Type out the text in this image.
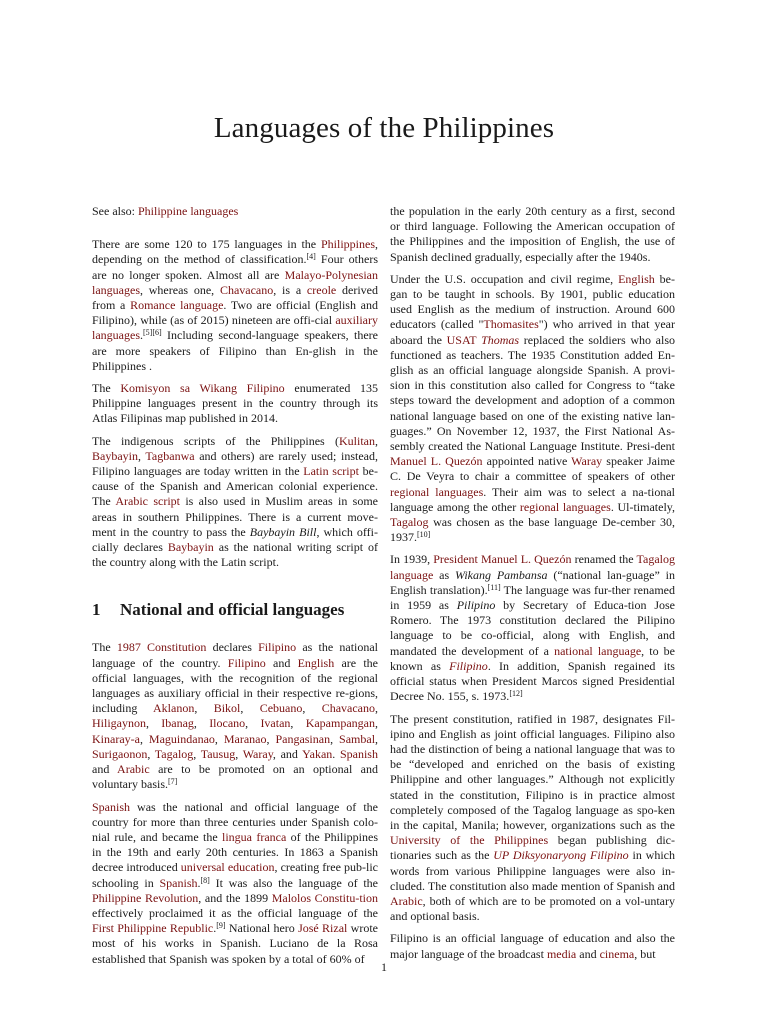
Languages of the Philippines

See also: Philippine languages

There are some 120 to 175 languages in the Philippines, depending on the method of classification.[4] Four others are no longer spoken. Almost all are Malayo-Polynesian languages, whereas one, Chavacano, is a creole derived from a Romance language. Two are official (English and Filipino), while (as of 2015) nineteen are offi-cial auxiliary languages.[5][6] Including second-language speakers, there are more speakers of Filipino than En-glish in the Philippines .

The Komisyon sa Wikang Filipino enumerated 135 Philippine languages present in the country through its Atlas Filipinas map published in 2014.

The indigenous scripts of the Philippines (Kulitan, Baybayin, Tagbanwa and others) are rarely used; instead, Filipino languages are today written in the Latin script be-cause of the Spanish and American colonial experience. The Arabic script is also used in Muslim areas in some areas in southern Philippines. There is a current move-ment in the country to pass the Baybayin Bill, which offi-cially declares Baybayin as the national writing script of the country along with the Latin script.

1 National and official languages

The 1987 Constitution declares Filipino as the national language of the country. Filipino and English are the official languages, with the recognition of the regional languages as auxiliary official in their respective re-gions, including Aklanon, Bikol, Cebuano, Chavacano, Hiligaynon, Ibanag, Ilocano, Ivatan, Kapampangan, Kinaray-a, Maguindanao, Maranao, Pangasinan, Sambal, Surigaonon, Tagalog, Tausug, Waray, and Yakan. Spanish and Arabic are to be promoted on an optional and voluntary basis.[7]

Spanish was the national and official language of the country for more than three centuries under Spanish colo-nial rule, and became the lingua franca of the Philippines in the 19th and early 20th centuries. In 1863 a Spanish decree introduced universal education, creating free pub-lic schooling in Spanish.[8] It was also the language of the Philippine Revolution, and the 1899 Malolos Constitu-tion effectively proclaimed it as the official language of the First Philippine Republic.[9] National hero José Rizal wrote most of his works in Spanish. Luciano de la Rosa established that Spanish was spoken by a total of 60% of

the population in the early 20th century as a first, second or third language. Following the American occupation of the Philippines and the imposition of English, the use of Spanish declined gradually, especially after the 1940s.

Under the U.S. occupation and civil regime, English be-gan to be taught in schools. By 1901, public education used English as the medium of instruction. Around 600 educators (called "Thomasites") who arrived in that year aboard the USAT Thomas replaced the soldiers who also functioned as teachers. The 1935 Constitution added En-glish as an official language alongside Spanish. A provi-sion in this constitution also called for Congress to “take steps toward the development and adoption of a common national language based on one of the existing native lan-guages.” On November 12, 1937, the First National As-sembly created the National Language Institute. Presi-dent Manuel L. Quezón appointed native Waray speaker Jaime C. De Veyra to chair a committee of speakers of other regional languages. Their aim was to select a na-tional language among the other regional languages. Ul-timately, Tagalog was chosen as the base language De-cember 30, 1937.[10]

In 1939, President Manuel L. Quezón renamed the Tagalog language as Wikang Pambansa (“national lan-guage” in English translation).[11] The language was fur-ther renamed in 1959 as Pilipino by Secretary of Educa-tion Jose Romero. The 1973 constitution declared the Pilipino language to be co-official, along with English, and mandated the development of a national language, to be known as Filipino. In addition, Spanish regained its official status when President Marcos signed Presidential Decree No. 155, s. 1973.[12]

The present constitution, ratified in 1987, designates Fil-ipino and English as joint official languages. Filipino also had the distinction of being a national language that was to be “developed and enriched on the basis of existing Philippine and other languages.” Although not explicitly stated in the constitution, Filipino is in practice almost completely composed of the Tagalog language as spo-ken in the capital, Manila; however, organizations such as the University of the Philippines began publishing dic-tionaries such as the UP Diksyonaryong Filipino in which words from various Philippine languages were also in-cluded. The constitution also made mention of Spanish and Arabic, both of which are to be promoted on a vol-untary and optional basis.

Filipino is an official language of education and also the major language of the broadcast media and cinema, but

1
